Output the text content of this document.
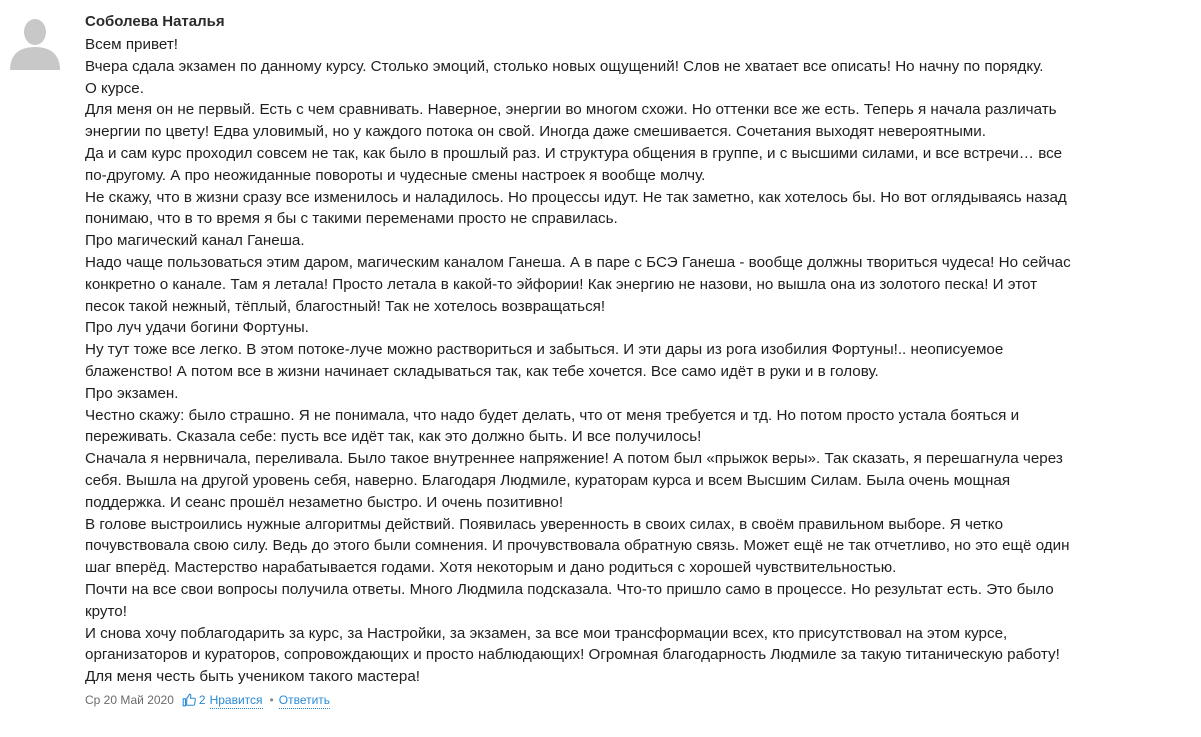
Соболева Наталья
Всем привет!
Вчера сдала экзамен по данному курсу. Столько эмоций, столько новых ощущений! Слов не хватает все описать! Но начну по порядку.
О курсе.
Для меня он не первый. Есть с чем сравнивать. Наверное, энергии во многом схожи. Но оттенки все же есть. Теперь я начала различать
энергии по цвету! Едва уловимый, но у каждого потока он свой. Иногда даже смешивается. Сочетания выходят невероятными.
Да и сам курс проходил совсем не так, как было в прошлый раз. И структура общения в группе, и с высшими силами, и все встречи… все
по-другому. А про неожиданные повороты и чудесные смены настроек я вообще молчу.
Не скажу, что в жизни сразу все изменилось и наладилось. Но процессы идут. Не так заметно, как хотелось бы. Но вот оглядываясь назад
понимаю, что в то время я бы с такими переменами просто не справилась.
Про магический канал Ганеша.
Надо чаще пользоваться этим даром, магическим каналом Ганеша. А в паре с БСЭ Ганеша - вообще должны твориться чудеса! Но сейчас
конкретно о канале. Там я летала! Просто летала в какой-то эйфории! Как энергию не назови, но вышла она из золотого песка! И этот
песок такой нежный, тёплый, благостный! Так не хотелось возвращаться!
Про луч удачи богини Фортуны.
Ну тут тоже все легко. В этом потоке-луче можно раствориться и забыться. И эти дары из рога изобилия Фортуны!.. неописуемое
блаженство! А потом все в жизни начинает складываться так, как тебе хочется. Все само идёт в руки и в голову.
Про экзамен.
Честно скажу: было страшно. Я не понимала, что надо будет делать, что от меня требуется и тд. Но потом просто устала бояться и
переживать. Сказала себе: пусть все идёт так, как это должно быть. И все получилось!
Сначала я нервничала, переливала. Было такое внутреннее напряжение! А потом был «прыжок веры». Так сказать, я перешагнула через
себя. Вышла на другой уровень себя, наверно. Благодаря Людмиле, кураторам курса и всем Высшим Силам. Была очень мощная
поддержка. И сеанс прошёл незаметно быстро. И очень позитивно!
В голове выстроились нужные алгоритмы действий. Появилась уверенность в своих силах, в своём правильном выборе. Я четко
почувствовала свою силу. Ведь до этого были сомнения. И прочувствовала обратную связь. Может ещё не так отчетливо, но это ещё один
шаг вперёд. Мастерство нарабатывается годами. Хотя некоторым и дано родиться с хорошей чувствительностью.
Почти на все свои вопросы получила ответы. Много Людмила подсказала. Что-то пришло само в процессе. Но результат есть. Это было
круто!
И снова хочу поблагодарить за курс, за Настройки, за экзамен, за все мои трансформации всех, кто присутствовал на этом курсе,
организаторов и кураторов, сопровождающих и просто наблюдающих! Огромная благодарность Людмиле за такую титаническую работу!
Для меня честь быть учеником такого мастера!
Ср 20 Май 2020 2 Нравится • Ответить
